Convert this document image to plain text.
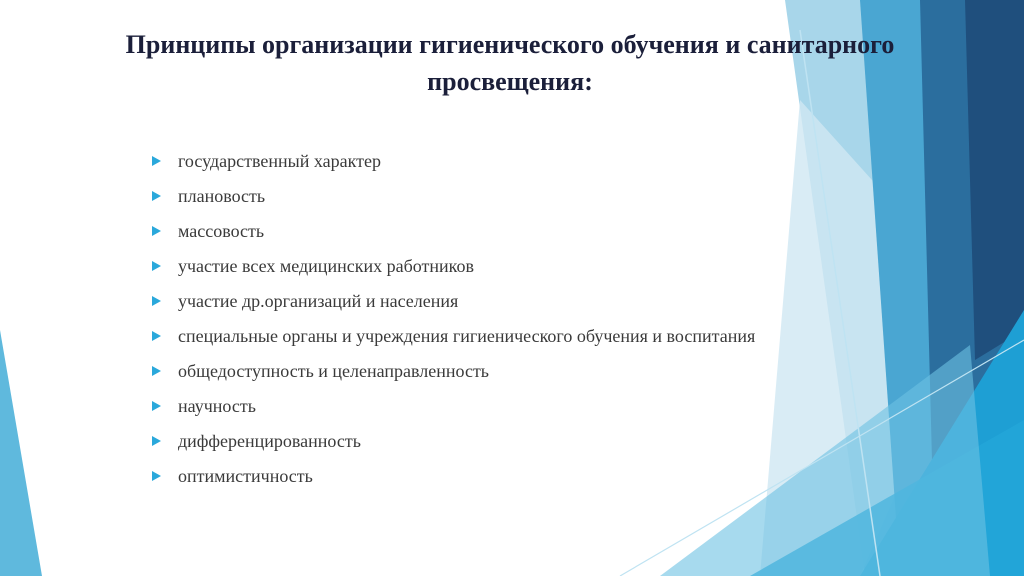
Принципы организации гигиенического обучения и санитарного просвещения:
государственный характер
плановость
массовость
участие всех медицинских работников
участие др.организаций и населения
специальные органы и учреждения гигиенического обучения и воспитания
общедоступность и целенаправленность
научность
дифференцированность
оптимистичность
